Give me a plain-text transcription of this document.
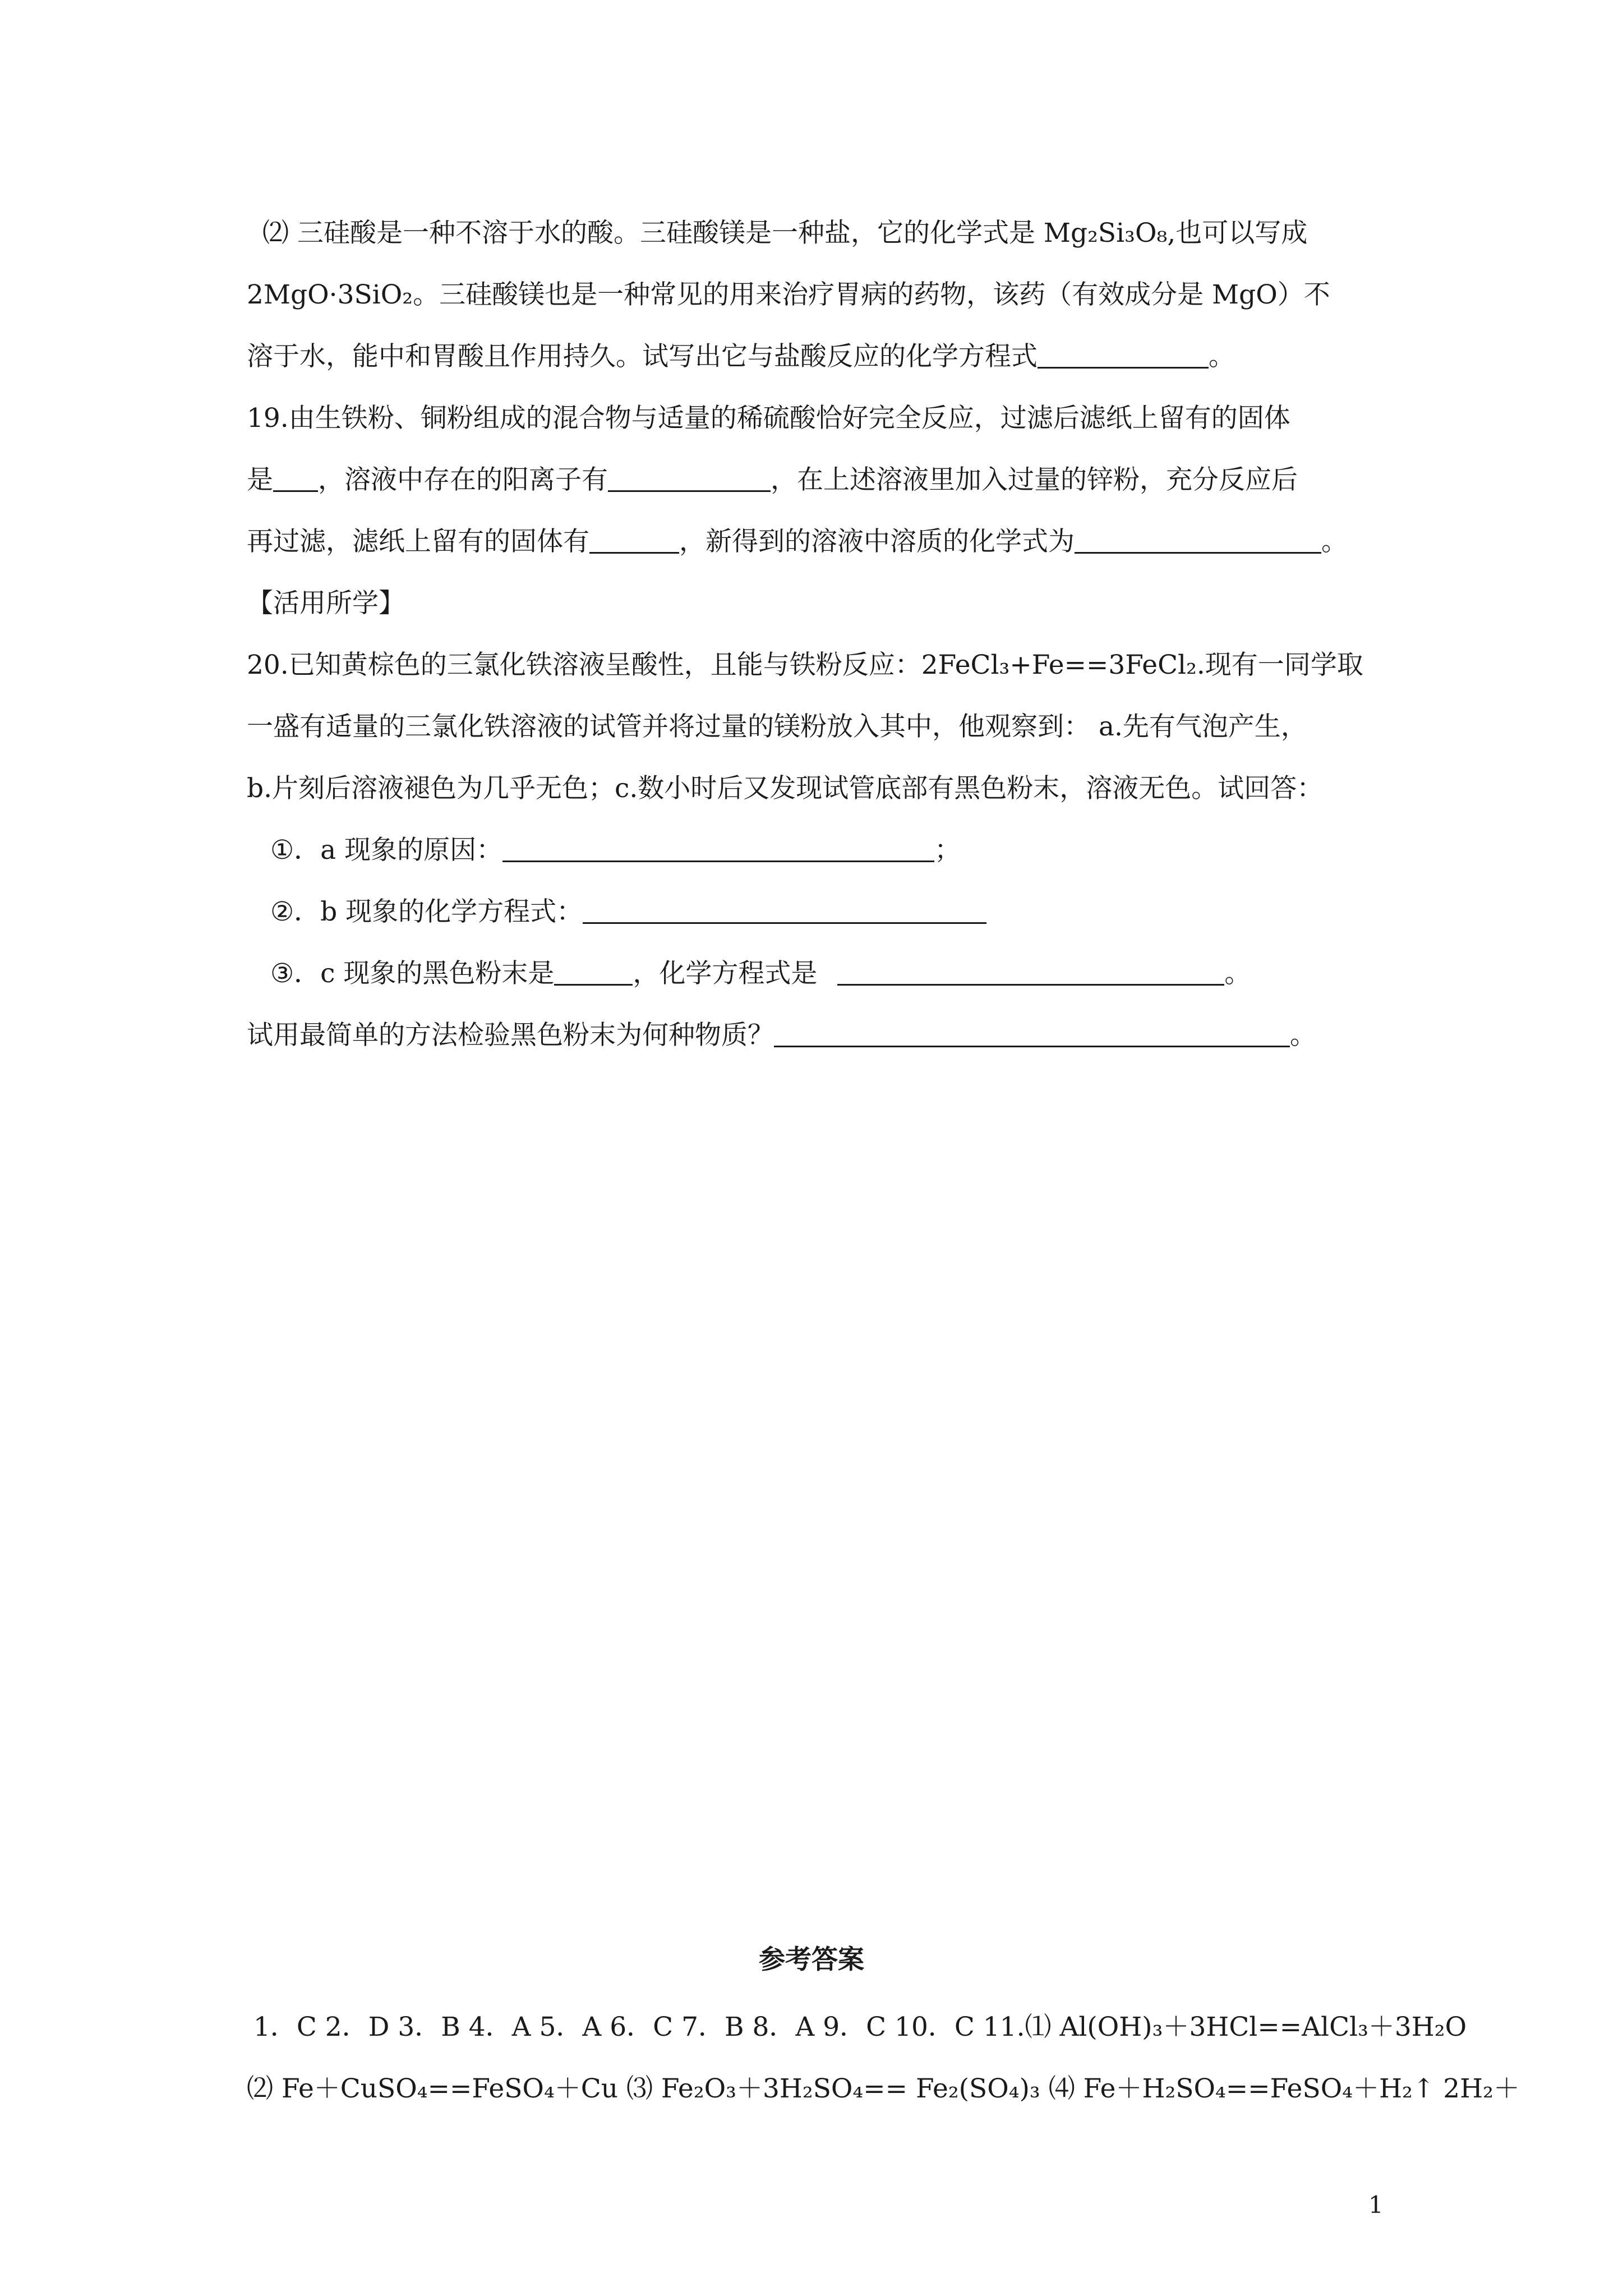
⑵ 三硅酸是一种不溶于水的酸。三硅酸镁是一种盐，它的化学式是 Mg₂Si₃O₈,也可以写成
2MgO·3SiO₂。三硅酸镁也是一种常见的用来治疗胃病的药物，该药（有效成分是 MgO）不
溶于水，能中和胃酸且作用持久。试写出它与盐酸反应的化学方程式	。
19.由生铁粉、铜粉组成的混合物与适量的稀硫酸恰好完全反应，过滤后滤纸上留有的固体
是 ，溶液中存在的阳离子有	，在上述溶液里加入过量的锌粉，充分反应后
再过滤，滤纸上留有的固体有	，新得到的溶液中溶质的化学式为	。
【活用所学】
20.已知黄棕色的三氯化铁溶液呈酸性，且能与铁粉反应：2FeCl₃+Fe==3FeCl₂.现有一同学取
一盛有适量的三氯化铁溶液的试管并将过量的镁粉放入其中，他观察到： a.先有气泡产生，
b.片刻后溶液褪色为几乎无色；c.数小时后又发现试管底部有黑色粉末，溶液无色。试回答：
①．a 现象的原因：	；
②．b 现象的化学方程式：
③．c 现象的黑色粉末是	，化学方程式是	。
试用最简单的方法检验黑色粉末为何种物质？	。
参考答案
1．C 2．D 3．B 4．A 5．A 6．C 7．B 8．A 9．C 10．C 11.⑴ Al(OH)₃＋3HCl==AlCl₃＋3H₂O
⑵ Fe＋CuSO₄==FeSO₄＋Cu ⑶ Fe₂O₃＋3H₂SO₄== Fe₂(SO₄)₃ ⑷ Fe＋H₂SO₄==FeSO₄＋H₂↑ 2H₂＋
1
